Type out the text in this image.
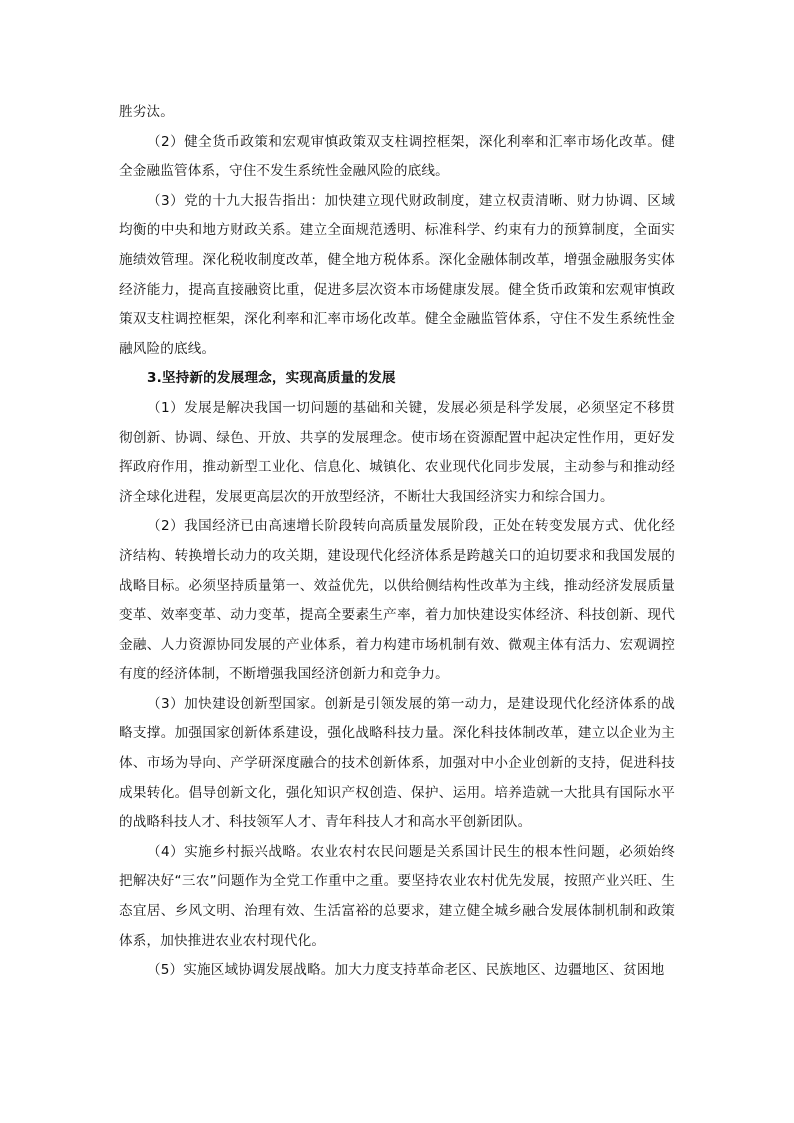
胜劣汰。

（2）健全货币政策和宏观审慎政策双支柱调控框架，深化利率和汇率市场化改革。健全金融监管体系，守住不发生系统性金融风险的底线。

（3）党的十九大报告指出：加快建立现代财政制度，建立权责清晰、财力协调、区域均衡的中央和地方财政关系。建立全面规范透明、标准科学、约束有力的预算制度，全面实施绩效管理。深化税收制度改革，健全地方税体系。深化金融体制改革，增强金融服务实体经济能力，提高直接融资比重，促进多层次资本市场健康发展。健全货币政策和宏观审慎政策双支柱调控框架，深化利率和汇率市场化改革。健全金融监管体系，守住不发生系统性金融风险的底线。

3.坚持新的发展理念，实现高质量的发展

（1）发展是解决我国一切问题的基础和关键，发展必须是科学发展，必须坚定不移贯彻创新、协调、绿色、开放、共享的发展理念。使市场在资源配置中起决定性作用，更好发挥政府作用，推动新型工业化、信息化、城镇化、农业现代化同步发展，主动参与和推动经济全球化进程，发展更高层次的开放型经济，不断壮大我国经济实力和综合国力。

（2）我国经济已由高速增长阶段转向高质量发展阶段，正处在转变发展方式、优化经济结构、转换增长动力的攻关期，建设现代化经济体系是跨越关口的迫切要求和我国发展的战略目标。必须坚持质量第一、效益优先，以供给侧结构性改革为主线，推动经济发展质量变革、效率变革、动力变革，提高全要素生产率，着力加快建设实体经济、科技创新、现代金融、人力资源协同发展的产业体系，着力构建市场机制有效、微观主体有活力、宏观调控有度的经济体制，不断增强我国经济创新力和竞争力。

（3）加快建设创新型国家。创新是引领发展的第一动力，是建设现代化经济体系的战略支撑。加强国家创新体系建设，强化战略科技力量。深化科技体制改革，建立以企业为主体、市场为导向、产学研深度融合的技术创新体系，加强对中小企业创新的支持，促进科技成果转化。倡导创新文化，强化知识产权创造、保护、运用。培养造就一大批具有国际水平的战略科技人才、科技领军人才、青年科技人才和高水平创新团队。

（4）实施乡村振兴战略。农业农村农民问题是关系国计民生的根本性问题，必须始终把解决好“三农”问题作为全党工作重中之重。要坚持农业农村优先发展，按照产业兴旺、生态宜居、乡风文明、治理有效、生活富裕的总要求，建立健全城乡融合发展体制机制和政策体系，加快推进农业农村现代化。

（5）实施区域协调发展战略。加大力度支持革命老区、民族地区、边疆地区、贫困地
